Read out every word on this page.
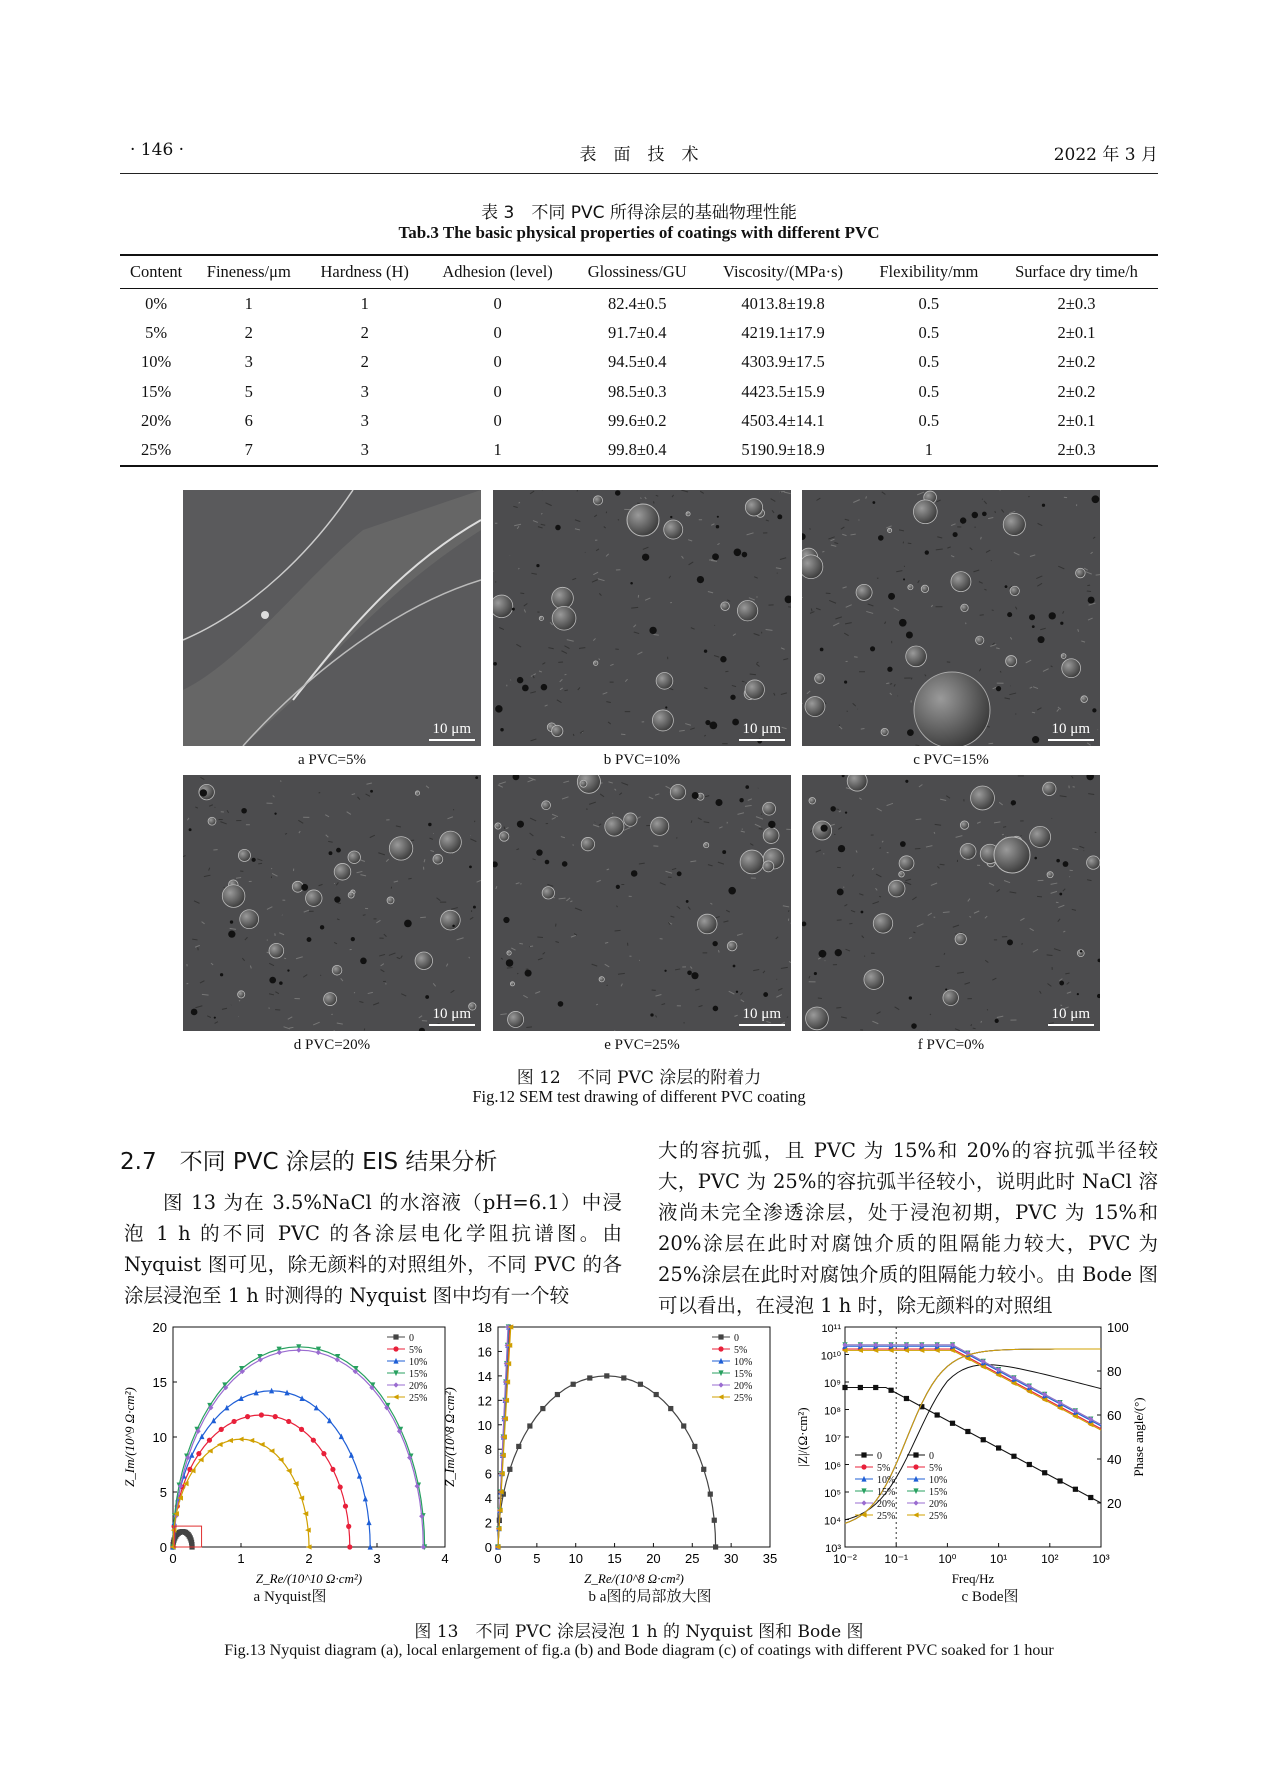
· 146 ·	表　面　技　术	2022 年 3 月
表 3　不同 PVC 所得涂层的基础物理性能
Tab.3 The basic physical properties of coatings with different PVC
Content	Fineness/μm	Hardness (H)	Adhesion (level)	Glossiness/GU	Viscosity/(MPa·s)	Flexibility/mm	Surface dry time/h
0%	1	1	0	82.4±0.5	4013.8±19.8	0.5	2±0.3
5%	2	2	0	91.7±0.4	4219.1±17.9	0.5	2±0.1
10%	3	2	0	94.5±0.4	4303.9±17.5	0.5	2±0.2
15%	5	3	0	98.5±0.3	4423.5±15.9	0.5	2±0.2
20%	6	3	0	99.6±0.2	4503.4±14.1	0.5	2±0.1
25%	7	3	1	99.8±0.4	5190.9±18.9	1	2±0.3
10 μm	10 μm	10 μm
10 μm	10 μm	10 μm
图 12　不同 PVC 涂层的附着力
Fig.12 SEM test drawing of different PVC coating
2.7　不同 PVC 涂层的 EIS 结果分析

图 13 为在 3.5%NaCl 的水溶液（pH=6.1）中浸泡 1 h 的不同 PVC 的各涂层电化学阻抗谱图。由 Nyquist 图可见，除无颜料的对照组外，不同 PVC 的各涂层浸泡至 1 h 时测得的 Nyquist 图中均有一个较

大的容抗弧，且 PVC 为 15%和 20%的容抗弧半径较大，PVC 为 25%的容抗弧半径较小，说明此时 NaCl 溶液尚未完全渗透涂层，处于浸泡初期，PVC 为 15%和 20%涂层在此时对腐蚀介质的阻隔能力较大，PVC 为 25%涂层在此时对腐蚀介质的阻隔能力较小。由 Bode 图可以看出，在浸泡 1 h 时，除无颜料的对照组

0	1	2	3	4
0
5
10
15
20
Z_Re/(10^10 Ω·cm²)
Z_Im/(10^9 Ω·cm²)
0
5%
10%
15%
20%
25%
0 5 10 15 20 25 30 35
0
2
4
6
8
10
12
14
16
18
Z_Re/(10^8 Ω·cm²)
Z_Im/(10^8 Ω·cm²)
0
5%
10%
15%
20%
25%
10⁻² 10⁻¹	10⁰	10¹	10²	10³
10³
10⁴
10⁵
10⁶
10⁷
10⁸
10⁹
10¹⁰
10¹¹
20
40
60
80
100
Freq/Hz
|Z|/(Ω·cm²)	Phase angle/(°)
0
5%
10%
15%
20%
25%
0
5%
10%
15%
20%
25%
a Nyquist图	b a图的局部放大图	c Bode图
图 13　不同 PVC 涂层浸泡 1 h 的 Nyquist 图和 Bode 图
Fig.13 Nyquist diagram (a), local enlargement of fig.a (b) and Bode diagram (c) of coatings with different PVC soaked for 1 hour
a PVC=5%	b PVC=10%	c PVC=15%
d PVC=20%	e PVC=25%	f PVC=0%
